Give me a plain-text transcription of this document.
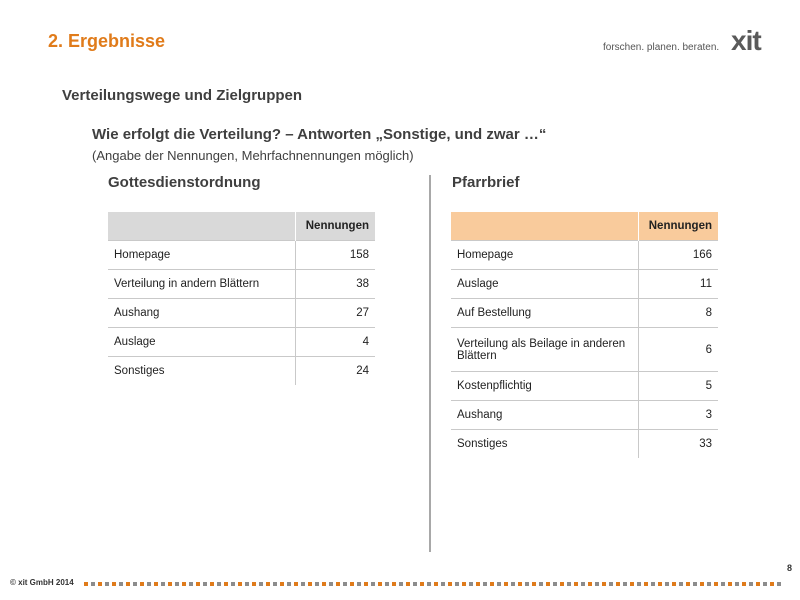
2. Ergebnisse	forschen. planen. beraten. xit
Verteilungswege und Zielgruppen
Wie erfolgt die Verteilung? – Antworten „Sonstige, und zwar …“
(Angabe der Nennungen, Mehrfachnennungen möglich)
Gottesdienstordnung	Pfarrbrief
	Nennungen
Homepage	158
Verteilung in andern Blättern	38
Aushang	27
Auslage	4
Sonstiges	24
	Nennungen
Homepage	166
Auslage	11
Auf Bestellung	8
Verteilung als Beilage in anderen Blättern	6
Kostenpflichtig	5
Aushang	3
Sonstiges	33
8
© xit GmbH 2014
